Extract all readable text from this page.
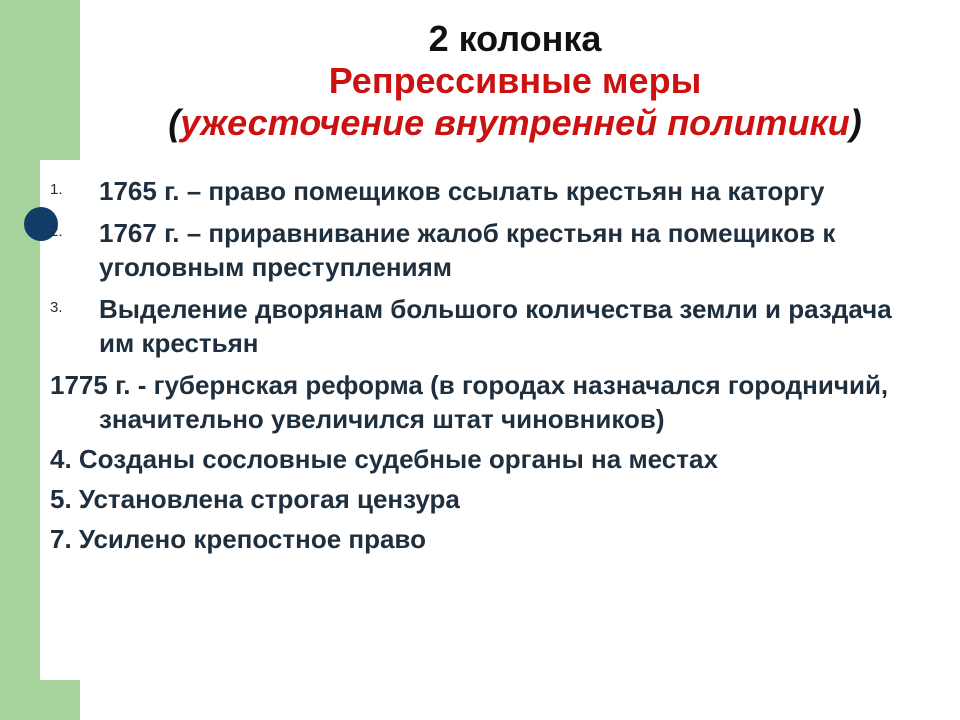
2 колонка
Репрессивные меры
(ужесточение внутренней политики)
1. 1765 г. – право помещиков ссылать крестьян на каторгу
2. 1767 г. – приравнивание жалоб крестьян на помещиков к уголовным преступлениям
3. Выделение дворянам большого количества земли и раздача им крестьян
1775 г. - губернская реформа (в городах назначался городничий, значительно увеличился штат чиновников)
4. Созданы сословные судебные органы на местах
5. Установлена строгая цензура
7. Усилено крепостное право
